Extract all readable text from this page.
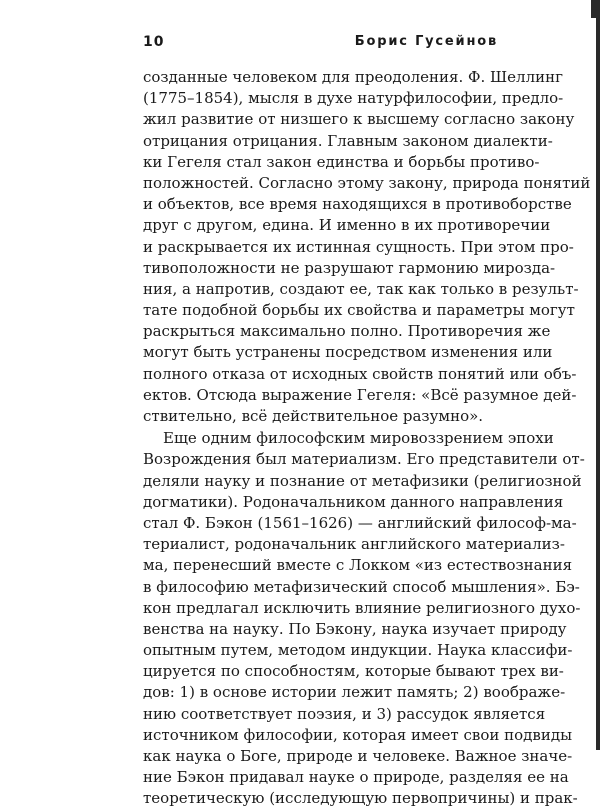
10	Борис Гусейнов
созданные человеком для преодоления. Ф. Шеллинг
(1775–1854), мысля в духе натурфилософии, предло-
жил развитие от низшего к высшему согласно закону
отрицания отрицания. Главным законом диалекти-
ки Гегеля стал закон единства и борьбы противо-
положностей. Согласно этому закону, природа понятий
и объектов, все время находящихся в противоборстве
друг с другом, едина. И именно в их противоречии
и раскрывается их истинная сущность. При этом про-
тивоположности не разрушают гармонию мирозда-
ния, а напротив, создают ее, так как только в результ-
тате подобной борьбы их свойства и параметры могут
раскрыться максимально полно. Противоречия же
могут быть устранены посредством изменения или
полного отказа от исходных свойств понятий или объ-
ектов. Отсюда выражение Гегеля: «Всё разумное дей-
ствительно, всё действительное разумно».
Еще одним философским мировоззрением эпохи
Возрождения был материализм. Его представители от-
деляли науку и познание от метафизики (религиозной
догматики). Родоначальником данного направления
стал Ф. Бэкон (1561–1626) — английский философ-ма-
териалист, родоначальник английского материализ-
ма, перенесший вместе с Локком «из естествознания
в философию метафизический способ мышления». Бэ-
кон предлагал исключить влияние религиозного духо-
венства на науку. По Бэкону, наука изучает природу
опытным путем, методом индукции. Наука классифи-
цируется по способностям, которые бывают трех ви-
дов: 1) в основе истории лежит память; 2) воображе-
нию соответствует поэзия, и 3) рассудок является
источником философии, которая имеет свои подвиды
как наука о Боге, природе и человеке. Важное значе-
ние Бэкон придавал науке о природе, разделяя ее на
теоретическую (исследующую первопричины) и прак-
